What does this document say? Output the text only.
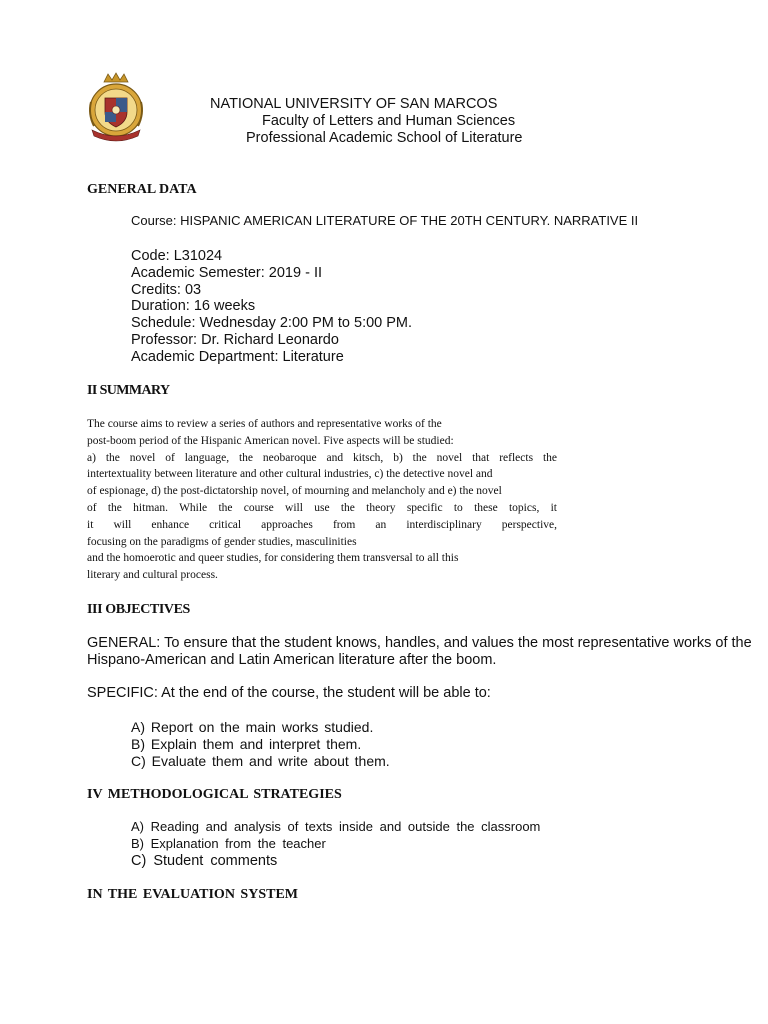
NATIONAL UNIVERSITY OF SAN MARCOS
Faculty of Letters and Human Sciences
Professional Academic School of Literature
GENERAL DATA
Course: HISPANIC AMERICAN LITERATURE OF THE 20TH CENTURY. NARRATIVE II
Code: L31024
Academic Semester: 2019 - II
Credits: 03
Duration: 16 weeks
Schedule: Wednesday 2:00 PM to 5:00 PM.
Professor: Dr. Richard Leonardo
Academic Department: Literature
II SUMMARY
The course aims to review a series of authors and representative works of the
post-boom period of the Hispanic American novel. Five aspects will be studied:
a) the novel of language, the neobaroque and kitsch, b) the novel that reflects the
intertextuality between literature and other cultural industries, c) the detective novel and
of espionage, d) the post-dictatorship novel, of mourning and melancholy and e) the novel
of the hitman. While the course will use the theory specific to these topics, it
it will enhance critical approaches from an interdisciplinary perspective,
focusing on the paradigms of gender studies, masculinities
and the homoerotic and queer studies, for considering them transversal to all this
literary and cultural process.
III OBJECTIVES
GENERAL: To ensure that the student knows, handles, and values the most representative works of the Hispano-American and Latin American literature after the boom.
SPECIFIC: At the end of the course, the student will be able to:
A) Report on the main works studied.
B) Explain them and interpret them.
C) Evaluate them and write about them.
IV METHODOLOGICAL STRATEGIES
A) Reading and analysis of texts inside and outside the classroom
B) Explanation from the teacher
C) Student comments
IN THE EVALUATION SYSTEM
